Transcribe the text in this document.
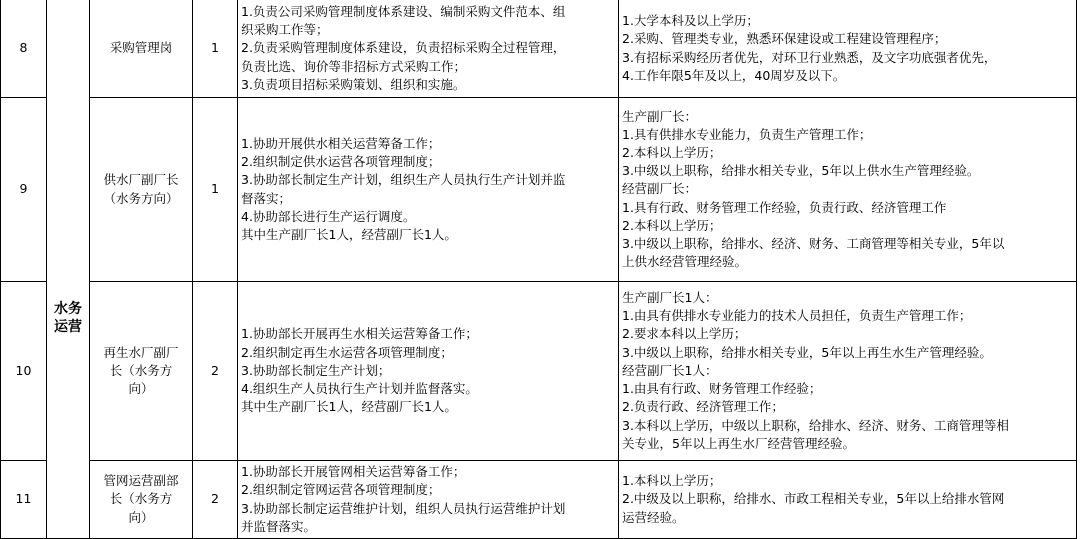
水务
运营
8	采购管理岗	1
1.负责公司采购管理制度体系建设、编制采购文件范本、组
织采购工作等；
2.负责采购管理制度体系建设，负责招标采购全过程管理，
负责比选、询价等非招标方式采购工作；
3.负责项目招标采购策划、组织和实施。
1.大学本科及以上学历；
2.采购、管理类专业，熟悉环保建设或工程建设管理程序；
3.有招标采购经历者优先，对环卫行业熟悉，及文字功底强者优先，
4.工作年限5年及以上，40周岁及以下。
9
供水厂副厂长
（水务方向）
1
1.协助开展供水相关运营筹备工作；
2.组织制定供水运营各项管理制度；
3.协助部长制定生产计划，组织生产人员执行生产计划并监
督落实；
4.协助部长进行生产运行调度。
其中生产副厂长1人，经营副厂长1人。
生产副厂长：
1.具有供排水专业能力，负责生产管理工作；
2.本科以上学历；
3.中级以上职称，给排水相关专业，5年以上供水生产管理经验。
经营副厂长：
1.具有行政、财务管理工作经验，负责行政、经济管理工作
2.本科以上学历；
3.中级以上职称，给排水、经济、财务、工商管理等相关专业，5年以
上供水经营管理经验。
10
再生水厂副厂
长（水务方
向）
2
1.协助部长开展再生水相关运营筹备工作；
2.组织制定再生水运营各项管理制度；
3.协助部长制定生产计划；
4.组织生产人员执行生产计划并监督落实。
其中生产副厂长1人，经营副厂长1人。
生产副厂长1人：
1.由具有供排水专业能力的技术人员担任，负责生产管理工作；
2.要求本科以上学历；
3.中级以上职称，给排水相关专业，5年以上再生水生产管理经验。
经营副厂长1人：
1.由具有行政、财务管理工作经验；
2.负责行政、经济管理工作；
3.本科以上学历，中级以上职称，给排水、经济、财务、工商管理等相
关专业，5年以上再生水厂经营管理经验。
11
管网运营副部
长（水务方
向）
2
1.协助部长开展管网相关运营筹备工作；
2.组织制定管网运营各项管理制度；
3.协助部长制定运营维护计划，组织人员执行运营维护计划
并监督落实。
1.本科以上学历；
2.中级及以上职称，给排水、市政工程相关专业，5年以上给排水管网
运营经验。
